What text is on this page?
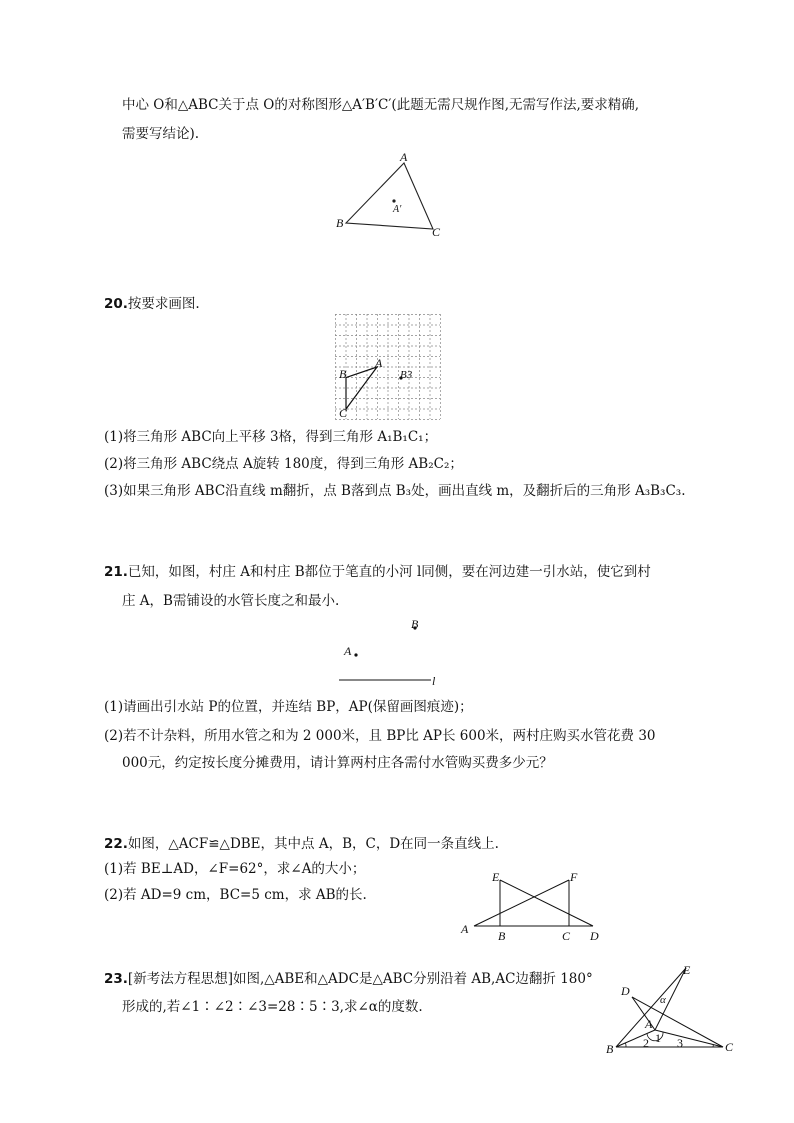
中心 O和△ABC关于点 O的对称图形△A′B′C′(此题无需尺规作图,无需写作法,要求精确,
需要写结论).
A
B
C
A′
20.按要求画图.
A
B
C
B3
(1)将三角形 ABC向上平移 3格，得到三角形 A₁B₁C₁；
(2)将三角形 ABC绕点 A旋转 180度，得到三角形 AB₂C₂；
(3)如果三角形 ABC沿直线 m翻折，点 B落到点 B₃处，画出直线 m，及翻折后的三角形 A₃B₃C₃.
21.已知，如图，村庄 A和村庄 B都位于笔直的小河 l同侧，要在河边建一引水站，使它到村
庄 A，B需铺设的水管长度之和最小.
B
A
l
(1)请画出引水站 P的位置，并连结 BP，AP(保留画图痕迹)；
(2)若不计杂料，所用水管之和为 2 000米，且 BP比 AP长 600米，两村庄购买水管花费 30
000元，约定按长度分摊费用，请计算两村庄各需付水管购买费多少元？
22.如图，△ACF≌△DBE，其中点 A，B，C，D在同一条直线上.
(1)若 BE⊥AD，∠F=62°，求∠A的大小；
(2)若 AD=9 cm，BC=5 cm，求 AB的长.
E	F
A B	C D
23.[新考法方程思想]如图,△ABE和△ADC是△ABC分别沿着 AB,AC边翻折 180°
形成的,若∠1∶∠2∶∠3=28∶5∶3,求∠α的度数.
E
D
α
A
B	C
1
2 3
